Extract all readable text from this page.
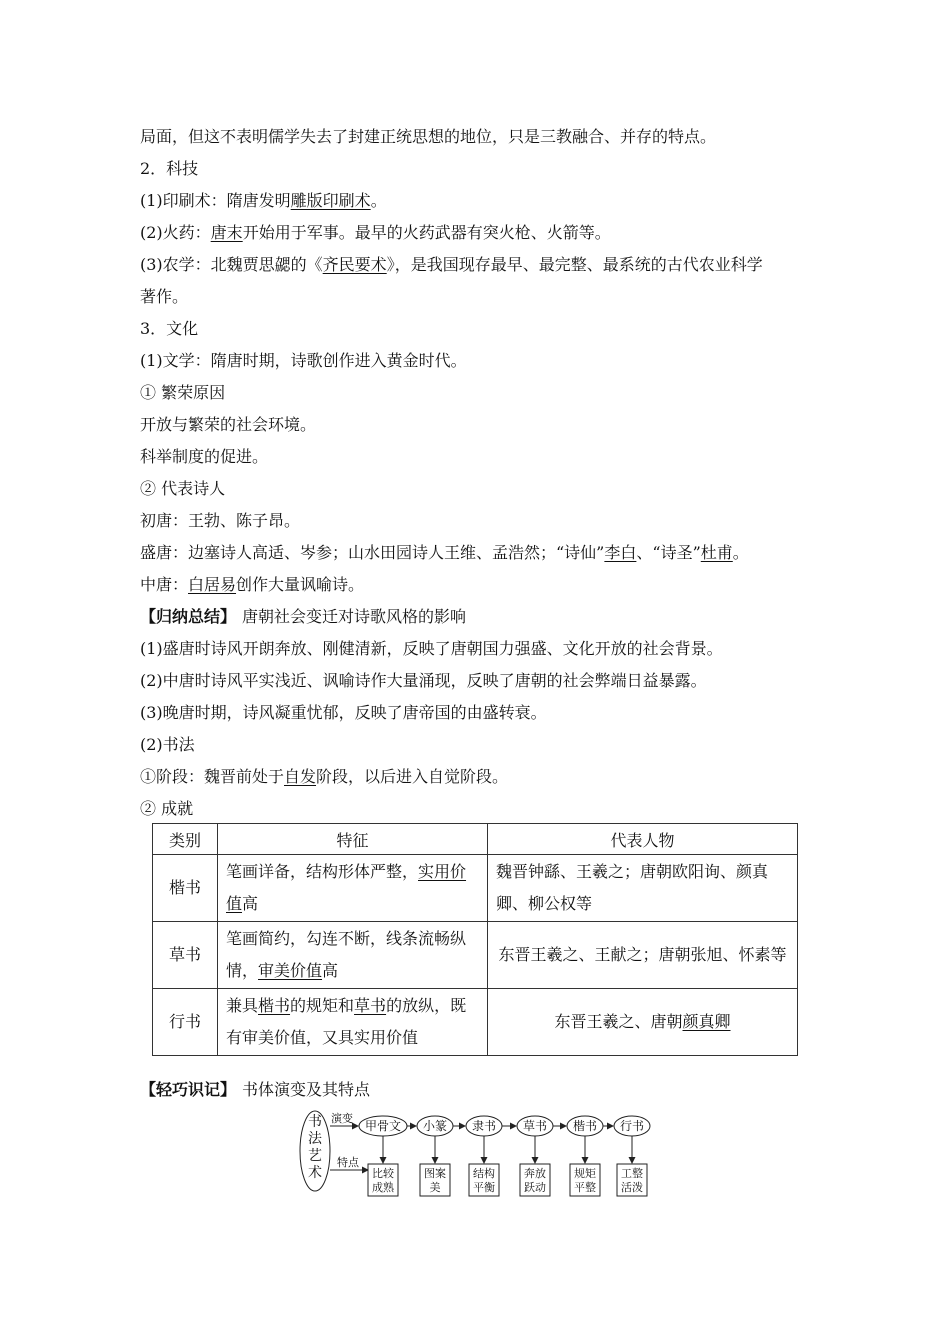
局面，但这不表明儒学失去了封建正统思想的地位，只是三教融合、并存的特点。
2．科技
(1)印刷术：隋唐发明雕版印刷术。
(2)火药：唐末开始用于军事。最早的火药武器有突火枪、火箭等。
(3)农学：北魏贾思勰的《齐民要术》，是我国现存最早、最完整、最系统的古代农业科学
著作。
3．文化
(1)文学：隋唐时期，诗歌创作进入黄金时代。
① 繁荣原因
开放与繁荣的社会环境。
科举制度的促进。
② 代表诗人
初唐：王勃、陈子昂。
盛唐：边塞诗人高适、岑参；山水田园诗人王维、孟浩然；“诗仙”李白、“诗圣”杜甫。
中唐：白居易创作大量讽喻诗。
【归纳总结】 唐朝社会变迁对诗歌风格的影响
(1)盛唐时诗风开朗奔放、刚健清新，反映了唐朝国力强盛、文化开放的社会背景。
(2)中唐时诗风平实浅近、讽喻诗作大量涌现，反映了唐朝的社会弊端日益暴露。
(3)晚唐时期，诗风凝重忧郁，反映了唐帝国的由盛转衰。
(2)书法
①阶段：魏晋前处于自发阶段，以后进入自觉阶段。
② 成就
类别	特征	代表人物
楷书	笔画详备，结构形体严整，实用价值高	魏晋钟繇、王羲之；唐朝欧阳询、颜真卿、柳公权等
草书	笔画简约，勾连不断，线条流畅纵情，审美价值高	东晋王羲之、王献之；唐朝张旭、怀素等
行书	兼具楷书的规矩和草书的放纵，既有审美价值，又具实用价值	东晋王羲之、唐朝颜真卿
【轻巧识记】 书体演变及其特点
书
法
艺
术
演变
特点
甲骨文
比较
成熟
小篆
图案
美
隶书
结构
平衡
草书
奔放
跃动
楷书
规矩
平整
行书
工整
活泼
